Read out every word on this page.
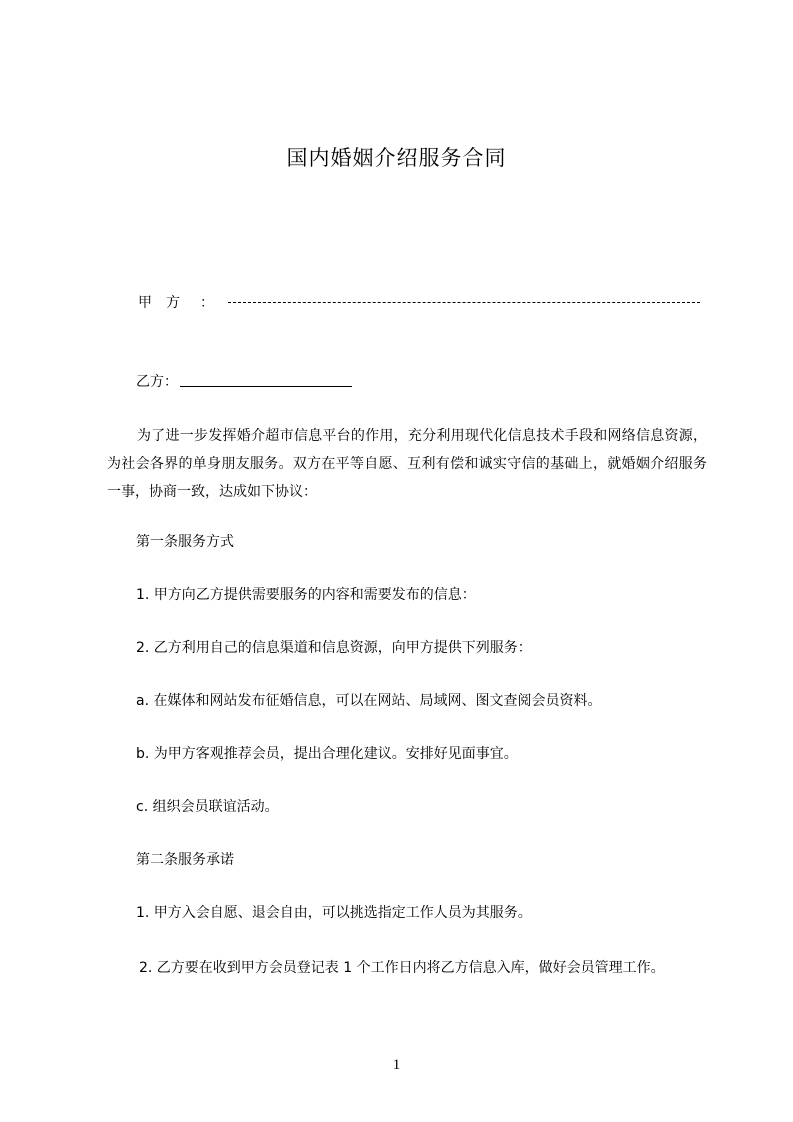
国内婚姻介绍服务合同
甲方 ：
乙方：
为了进一步发挥婚介超市信息平台的作用，充分利用现代化信息技术手段和网络信息资源，为社会各界的单身朋友服务。双方在平等自愿、互利有偿和诚实守信的基础上，就婚姻介绍服务一事，协商一致，达成如下协议：
第一条服务方式
1. 甲方向乙方提供需要服务的内容和需要发布的信息：
2. 乙方利用自己的信息渠道和信息资源，向甲方提供下列服务：
a. 在媒体和网站发布征婚信息，可以在网站、局域网、图文查阅会员资料。
b. 为甲方客观推荐会员，提出合理化建议。安排好见面事宜。
c. 组织会员联谊活动。
第二条服务承诺
1. 甲方入会自愿、退会自由，可以挑选指定工作人员为其服务。
2. 乙方要在收到甲方会员登记表 1 个工作日内将乙方信息入库，做好会员管理工作。
1
